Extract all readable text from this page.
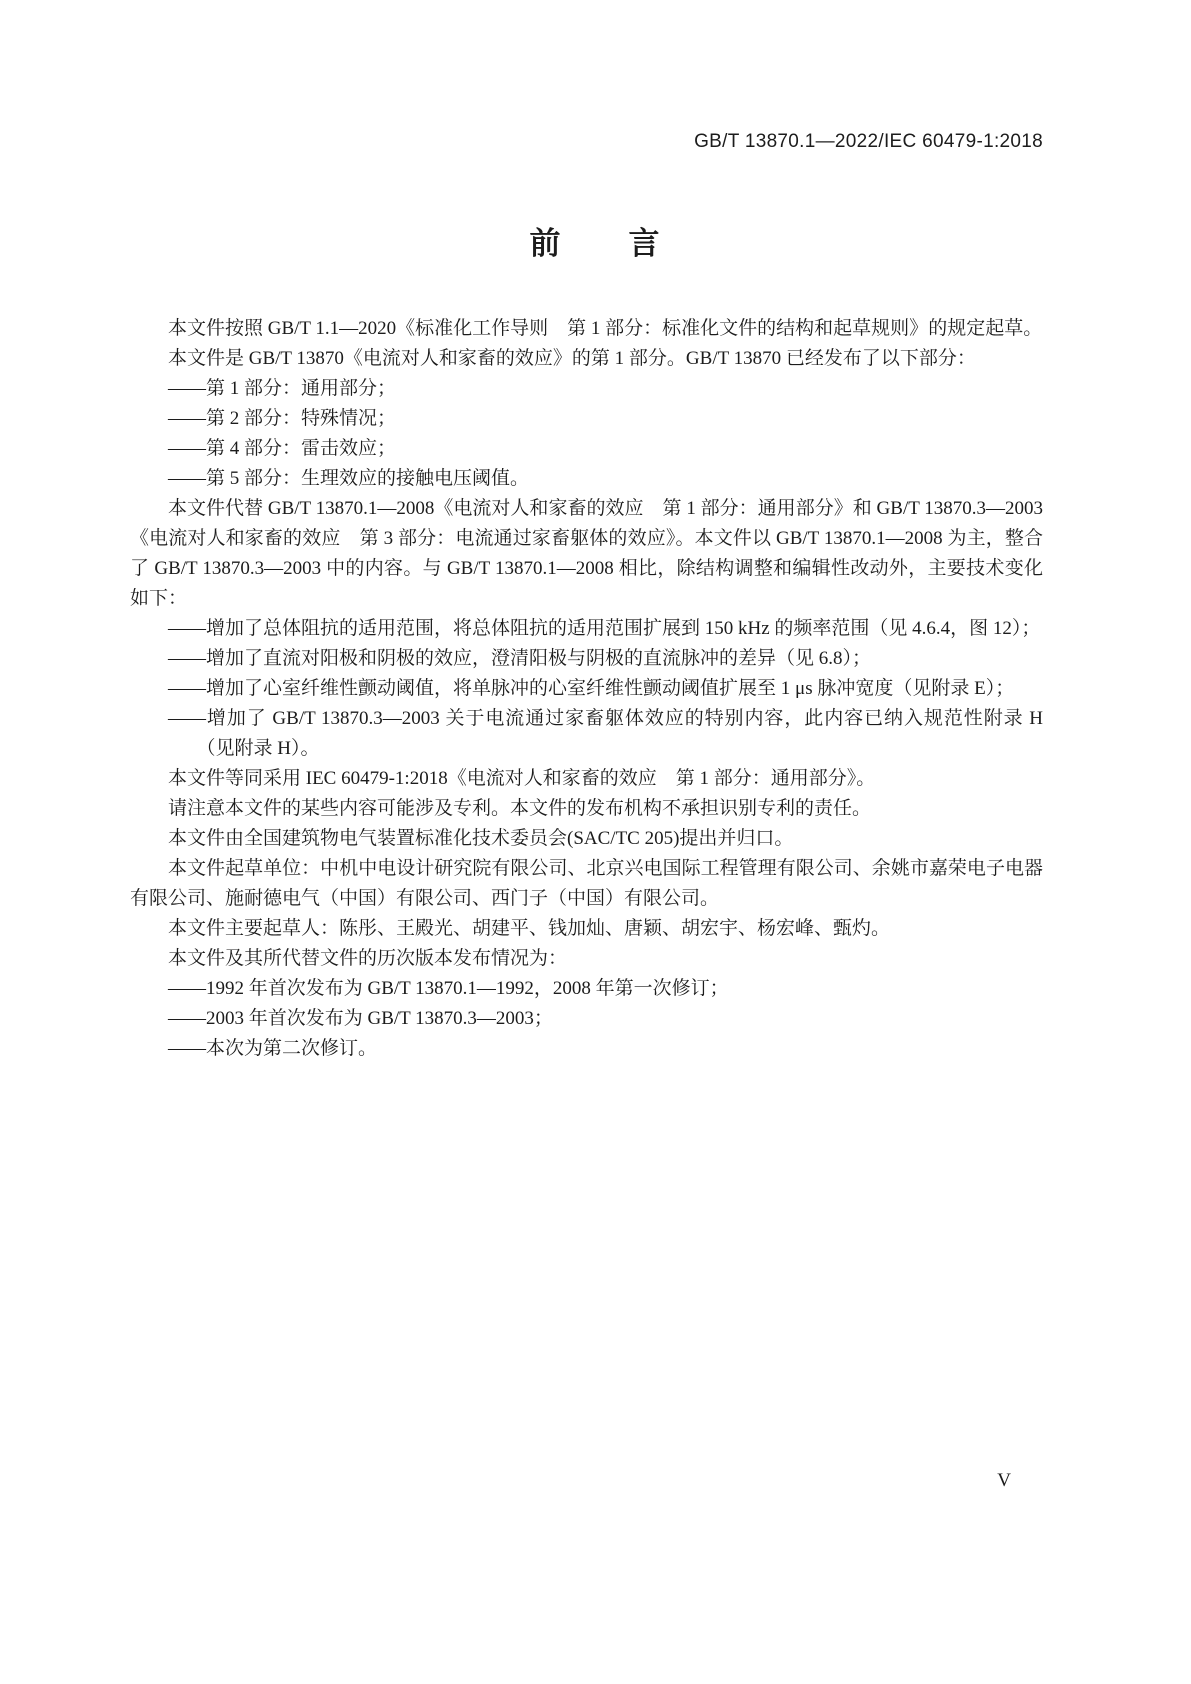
GB/T 13870.1—2022/IEC 60479-1:2018
前　　言

本文件按照 GB/T 1.1—2020《标准化工作导则　第 1 部分：标准化文件的结构和起草规则》的规定起草。

本文件是 GB/T 13870《电流对人和家畜的效应》的第 1 部分。GB/T 13870 已经发布了以下部分：

——第 1 部分：通用部分；

——第 2 部分：特殊情况；

——第 4 部分：雷击效应；

——第 5 部分：生理效应的接触电压阈值。

本文件代替 GB/T 13870.1—2008《电流对人和家畜的效应　第 1 部分：通用部分》和 GB/T 13870.3—2003《电流对人和家畜的效应　第 3 部分：电流通过家畜躯体的效应》。本文件以 GB/T 13870.1—2008 为主，整合了 GB/T 13870.3—2003 中的内容。与 GB/T 13870.1—2008 相比，除结构调整和编辑性改动外，主要技术变化如下：

——增加了总体阻抗的适用范围，将总体阻抗的适用范围扩展到 150 kHz 的频率范围（见 4.6.4，图 12）；

——增加了直流对阳极和阴极的效应，澄清阳极与阴极的直流脉冲的差异（见 6.8）；

——增加了心室纤维性颤动阈值，将单脉冲的心室纤维性颤动阈值扩展至 1 μs 脉冲宽度（见附录 E）；

——增加了 GB/T 13870.3—2003 关于电流通过家畜躯体效应的特别内容，此内容已纳入规范性附录 H（见附录 H）。

本文件等同采用 IEC 60479-1:2018《电流对人和家畜的效应　第 1 部分：通用部分》。

请注意本文件的某些内容可能涉及专利。本文件的发布机构不承担识别专利的责任。

本文件由全国建筑物电气装置标准化技术委员会(SAC/TC 205)提出并归口。

本文件起草单位：中机中电设计研究院有限公司、北京兴电国际工程管理有限公司、余姚市嘉荣电子电器有限公司、施耐德电气（中国）有限公司、西门子（中国）有限公司。

本文件主要起草人：陈彤、王殿光、胡建平、钱加灿、唐颖、胡宏宇、杨宏峰、甄灼。

本文件及其所代替文件的历次版本发布情况为：

——1992 年首次发布为 GB/T 13870.1—1992，2008 年第一次修订；

——2003 年首次发布为 GB/T 13870.3—2003；

——本次为第二次修订。

V
